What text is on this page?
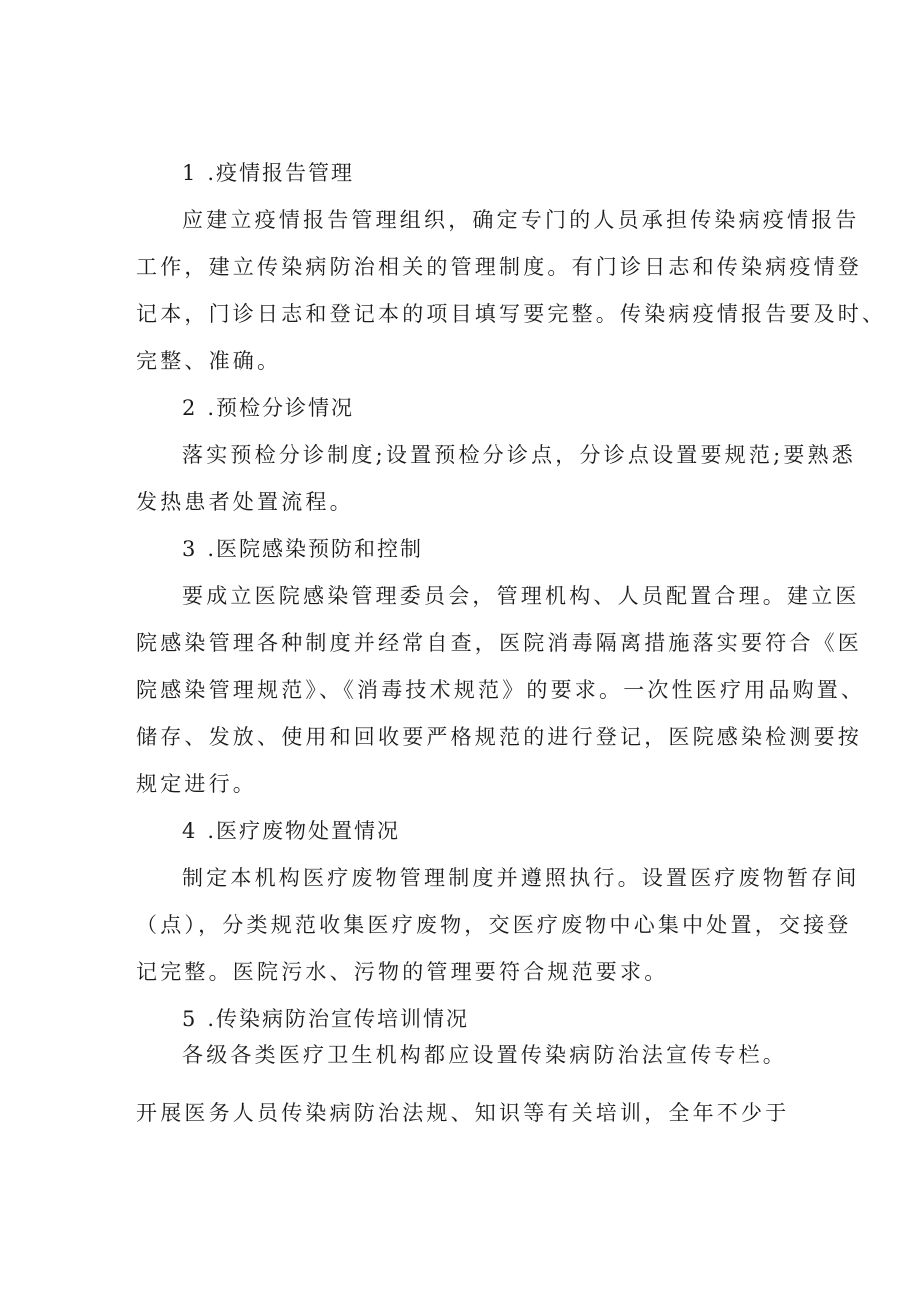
1 .疫情报告管理

应建立疫情报告管理组织，确定专门的人员承担传染病疫情报告

工作，建立传染病防治相关的管理制度。有门诊日志和传染病疫情登

记本，门诊日志和登记本的项目填写要完整。传染病疫情报告要及时、

完整、准确。

2 .预检分诊情况

落实预检分诊制度;设置预检分诊点，分诊点设置要规范;要熟悉

发热患者处置流程。

3 .医院感染预防和控制

要成立医院感染管理委员会，管理机构、人员配置合理。建立医

院感染管理各种制度并经常自查，医院消毒隔离措施落实要符合《医

院感染管理规范》、《消毒技术规范》的要求。一次性医疗用品购置、

储存、发放、使用和回收要严格规范的进行登记，医院感染检测要按

规定进行。

4 .医疗废物处置情况

制定本机构医疗废物管理制度并遵照执行。设置医疗废物暂存间

（点），分类规范收集医疗废物，交医疗废物中心集中处置，交接登

记完整。医院污水、污物的管理要符合规范要求。

5 .传染病防治宣传培训情况

各级各类医疗卫生机构都应设置传染病防治法宣传专栏。

开展医务人员传染病防治法规、知识等有关培训，全年不少于
